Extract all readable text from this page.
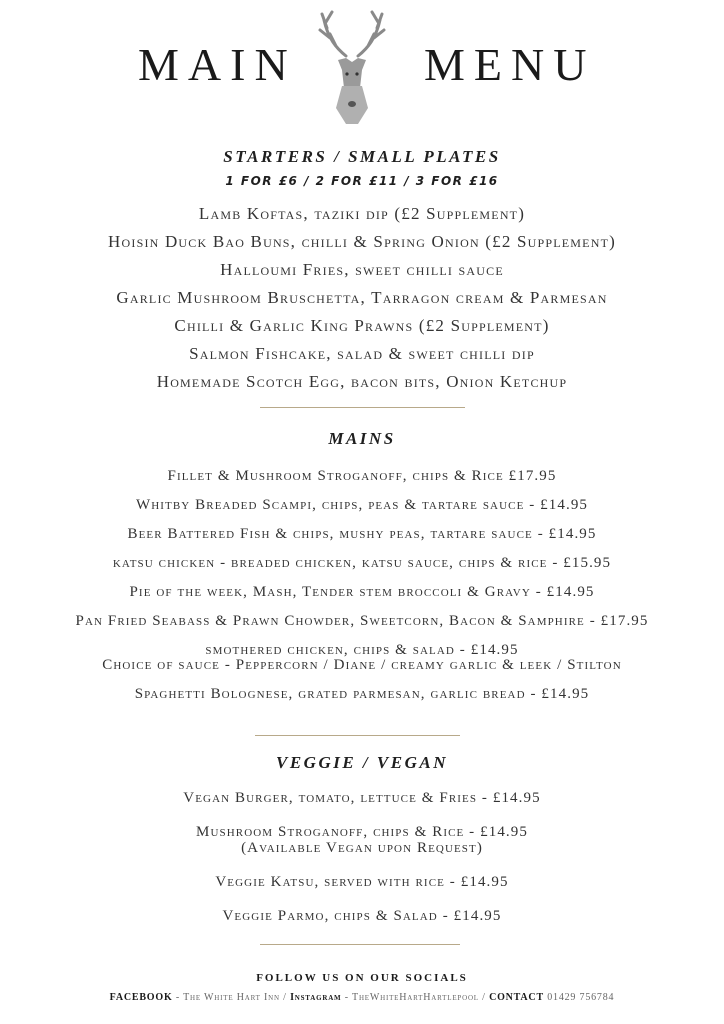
MAIN	MENU
STARTERS / SMALL PLATES
1 FOR £6 / 2 FOR £11 / 3 FOR £16
Lamb Koftas, taziki dip (£2 Supplement)
Hoisin Duck Bao Buns, chilli & Spring Onion (£2 Supplement)
Halloumi Fries, sweet chilli sauce
Garlic Mushroom Bruschetta, Tarragon cream & Parmesan
Chilli & Garlic King Prawns (£2 Supplement)
Salmon Fishcake, salad & sweet chilli dip
Homemade Scotch Egg, bacon bits, Onion Ketchup
MAINS
Fillet & Mushroom Stroganoff, chips & Rice £17.95
Whitby Breaded Scampi, chips, peas & tartare sauce - £14.95
Beer Battered Fish & chips, mushy peas, tartare sauce - £14.95
katsu chicken - breaded chicken, katsu sauce, chips & rice - £15.95
Pie of the week, Mash, Tender stem broccoli & Gravy - £14.95
Pan Fried Seabass & Prawn Chowder, Sweetcorn, Bacon & Samphire - £17.95
smothered chicken, chips & salad - £14.95
Choice of sauce - Peppercorn / Diane / creamy garlic & leek / Stilton
Spaghetti Bolognese, grated parmesan, garlic bread - £14.95
VEGGIE / VEGAN
Vegan Burger, tomato, lettuce & Fries - £14.95
Mushroom Stroganoff, chips & Rice - £14.95
(Available Vegan upon Request)
Veggie Katsu, served with rice - £14.95
Veggie Parmo, chips & Salad - £14.95
FOLLOW US ON OUR SOCIALS
FACEBOOK - The White Hart Inn / Instagram - TheWhiteHartHartlepool / CONTACT 01429 756784
